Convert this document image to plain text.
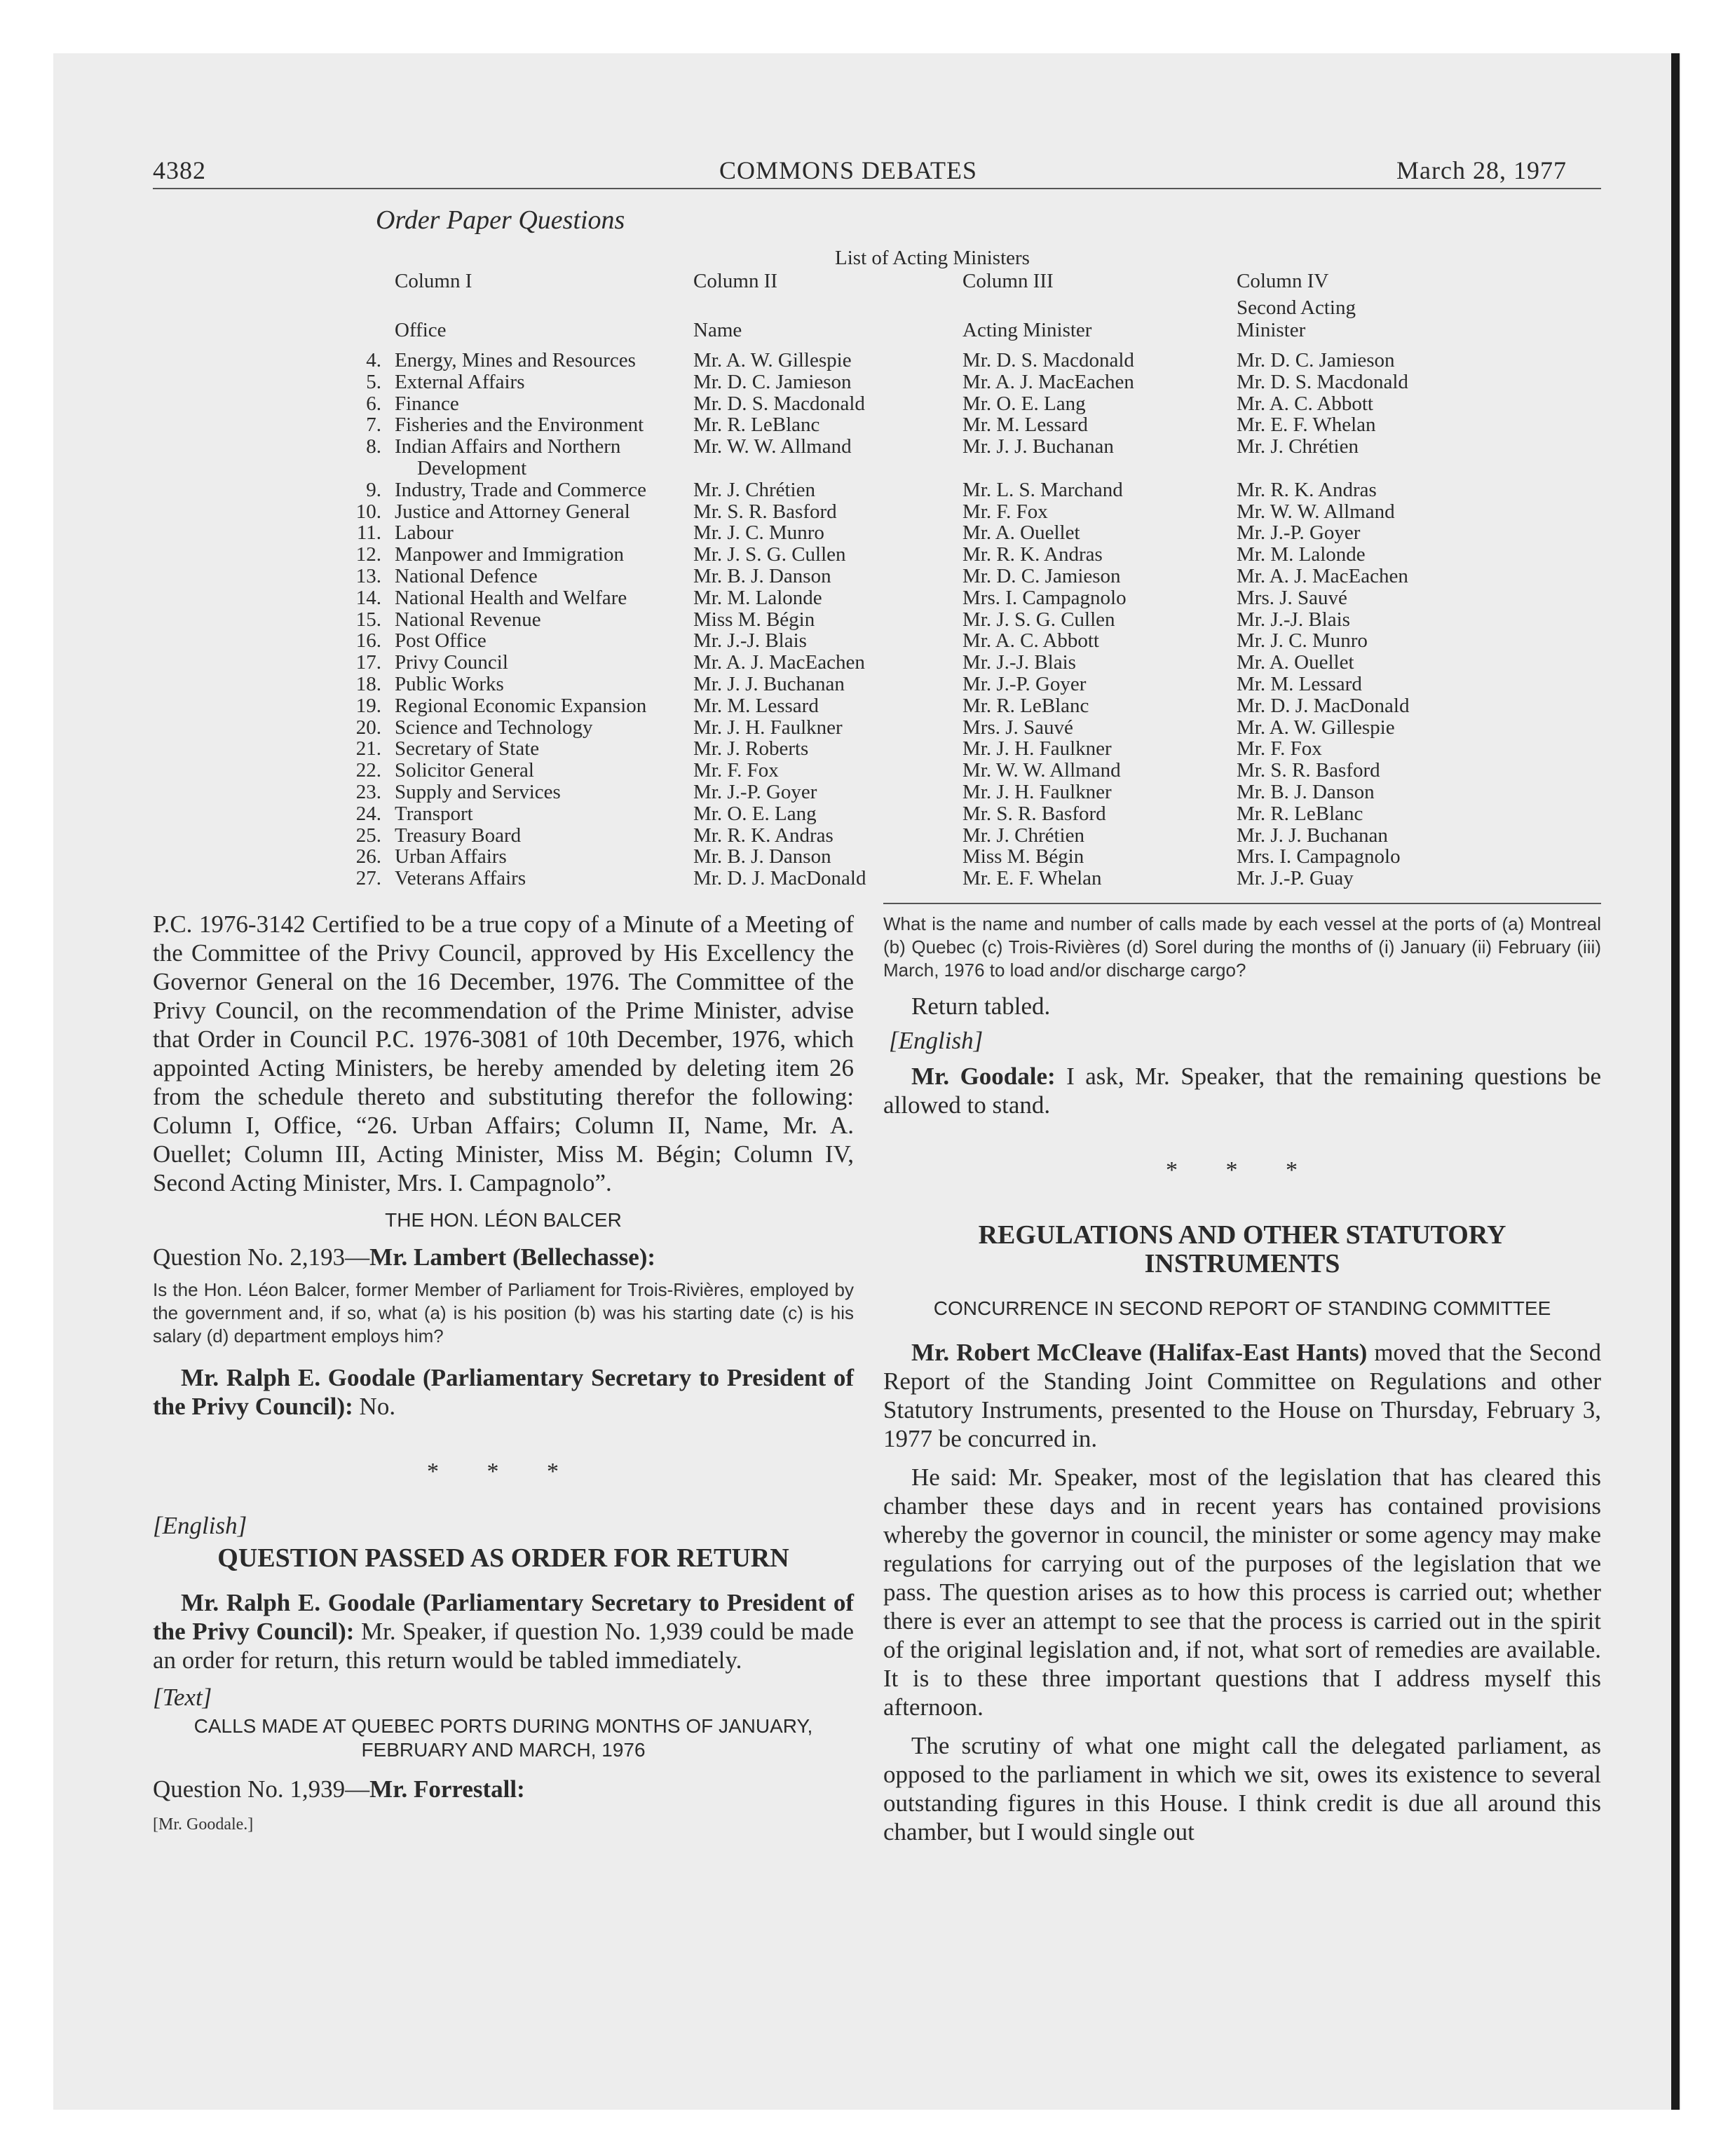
4382	COMMONS DEBATES	March 28, 1977
Order Paper Questions
List of Acting Ministers
Column I	Column II	Column III	Column IV
Second Acting
Office	Name	Acting Minister	Minister
4. Energy, Mines and Resources	Mr. A. W. Gillespie	Mr. D. S. Macdonald	Mr. D. C. Jamieson
5. External Affairs	Mr. D. C. Jamieson	Mr. A. J. MacEachen	Mr. D. S. Macdonald
6. Finance	Mr. D. S. Macdonald	Mr. O. E. Lang	Mr. A. C. Abbott
7. Fisheries and the Environment Mr. R. LeBlanc	Mr. M. Lessard	Mr. E. F. Whelan
8. Indian Affairs and Northern	Mr. W. W. Allmand	Mr. J. J. Buchanan	Mr. J. Chrétien
Development
9. Industry, Trade and Commerce Mr. J. Chrétien	Mr. L. S. Marchand	Mr. R. K. Andras
10. Justice and Attorney General	Mr. S. R. Basford	Mr. F. Fox	Mr. W. W. Allmand
11. Labour	Mr. J. C. Munro	Mr. A. Ouellet	Mr. J.-P. Goyer
12. Manpower and Immigration	Mr. J. S. G. Cullen	Mr. R. K. Andras	Mr. M. Lalonde
13. National Defence	Mr. B. J. Danson	Mr. D. C. Jamieson	Mr. A. J. MacEachen
14. National Health and Welfare	Mr. M. Lalonde	Mrs. I. Campagnolo	Mrs. J. Sauvé
15. National Revenue	Miss M. Bégin	Mr. J. S. G. Cullen	Mr. J.-J. Blais
16. Post Office	Mr. J.-J. Blais	Mr. A. C. Abbott	Mr. J. C. Munro
17. Privy Council	Mr. A. J. MacEachen	Mr. J.-J. Blais	Mr. A. Ouellet
18. Public Works	Mr. J. J. Buchanan	Mr. J.-P. Goyer	Mr. M. Lessard
19. Regional Economic Expansion Mr. M. Lessard	Mr. R. LeBlanc	Mr. D. J. MacDonald
20. Science and Technology	Mr. J. H. Faulkner	Mrs. J. Sauvé	Mr. A. W. Gillespie
21. Secretary of State	Mr. J. Roberts	Mr. J. H. Faulkner	Mr. F. Fox
22. Solicitor General	Mr. F. Fox	Mr. W. W. Allmand	Mr. S. R. Basford
23. Supply and Services	Mr. J.-P. Goyer	Mr. J. H. Faulkner	Mr. B. J. Danson
24. Transport	Mr. O. E. Lang	Mr. S. R. Basford	Mr. R. LeBlanc
25. Treasury Board	Mr. R. K. Andras	Mr. J. Chrétien	Mr. J. J. Buchanan
26. Urban Affairs	Mr. B. J. Danson	Miss M. Bégin	Mrs. I. Campagnolo
27. Veterans Affairs	Mr. D. J. MacDonald	Mr. E. F. Whelan	Mr. J.-P. Guay

P.C. 1976-3142 Certified to be a true copy of a Minute of a Meeting of the Committee of the Privy Council, approved by His Excellency the Governor General on the 16 December, 1976. The Committee of the Privy Council, on the recommendation of the Prime Minister, advise that Order in Council P.C. 1976-3081 of 10th December, 1976, which appointed Acting Ministers, be hereby amended by deleting item 26 from the schedule thereto and substituting therefor the following: Column I, Office, “26. Urban Affairs; Column II, Name, Mr. A. Ouellet; Column III, Acting Minister, Miss M. Bégin; Column IV, Second Acting Minister, Mrs. I. Campagnolo”.

THE HON. LÉON BALCER

Question No. 2,193—Mr. Lambert (Bellechasse):

Is the Hon. Léon Balcer, former Member of Parliament for Trois-Rivières, employed by the government and, if so, what (a) is his position (b) was his starting date (c) is his salary (d) department employs him?

Mr. Ralph E. Goodale (Parliamentary Secretary to President of the Privy Council): No.

* * *

[English]

QUESTION PASSED AS ORDER FOR RETURN

Mr. Ralph E. Goodale (Parliamentary Secretary to President of the Privy Council): Mr. Speaker, if question No. 1,939 could be made an order for return, this return would be tabled immediately.

[Text]

CALLS MADE AT QUEBEC PORTS DURING MONTHS OF JANUARY, FEBRUARY AND MARCH, 1976

Question No. 1,939—Mr. Forrestall:

[Mr. Goodale.]

What is the name and number of calls made by each vessel at the ports of (a) Montreal (b) Quebec (c) Trois-Rivières (d) Sorel during the months of (i) January (ii) February (iii) March, 1976 to load and/or discharge cargo?

Return tabled.

[English]

Mr. Goodale: I ask, Mr. Speaker, that the remaining questions be allowed to stand.

* * *

REGULATIONS AND OTHER STATUTORY INSTRUMENTS

CONCURRENCE IN SECOND REPORT OF STANDING COMMITTEE

Mr. Robert McCleave (Halifax-East Hants) moved that the Second Report of the Standing Joint Committee on Regulations and other Statutory Instruments, presented to the House on Thursday, February 3, 1977 be concurred in.

He said: Mr. Speaker, most of the legislation that has cleared this chamber these days and in recent years has contained provisions whereby the governor in council, the minister or some agency may make regulations for carrying out of the purposes of the legislation that we pass. The question arises as to how this process is carried out; whether there is ever an attempt to see that the process is carried out in the spirit of the original legislation and, if not, what sort of remedies are available. It is to these three important questions that I address myself this afternoon.

The scrutiny of what one might call the delegated parliament, as opposed to the parliament in which we sit, owes its existence to several outstanding figures in this House. I think credit is due all around this chamber, but I would single out
